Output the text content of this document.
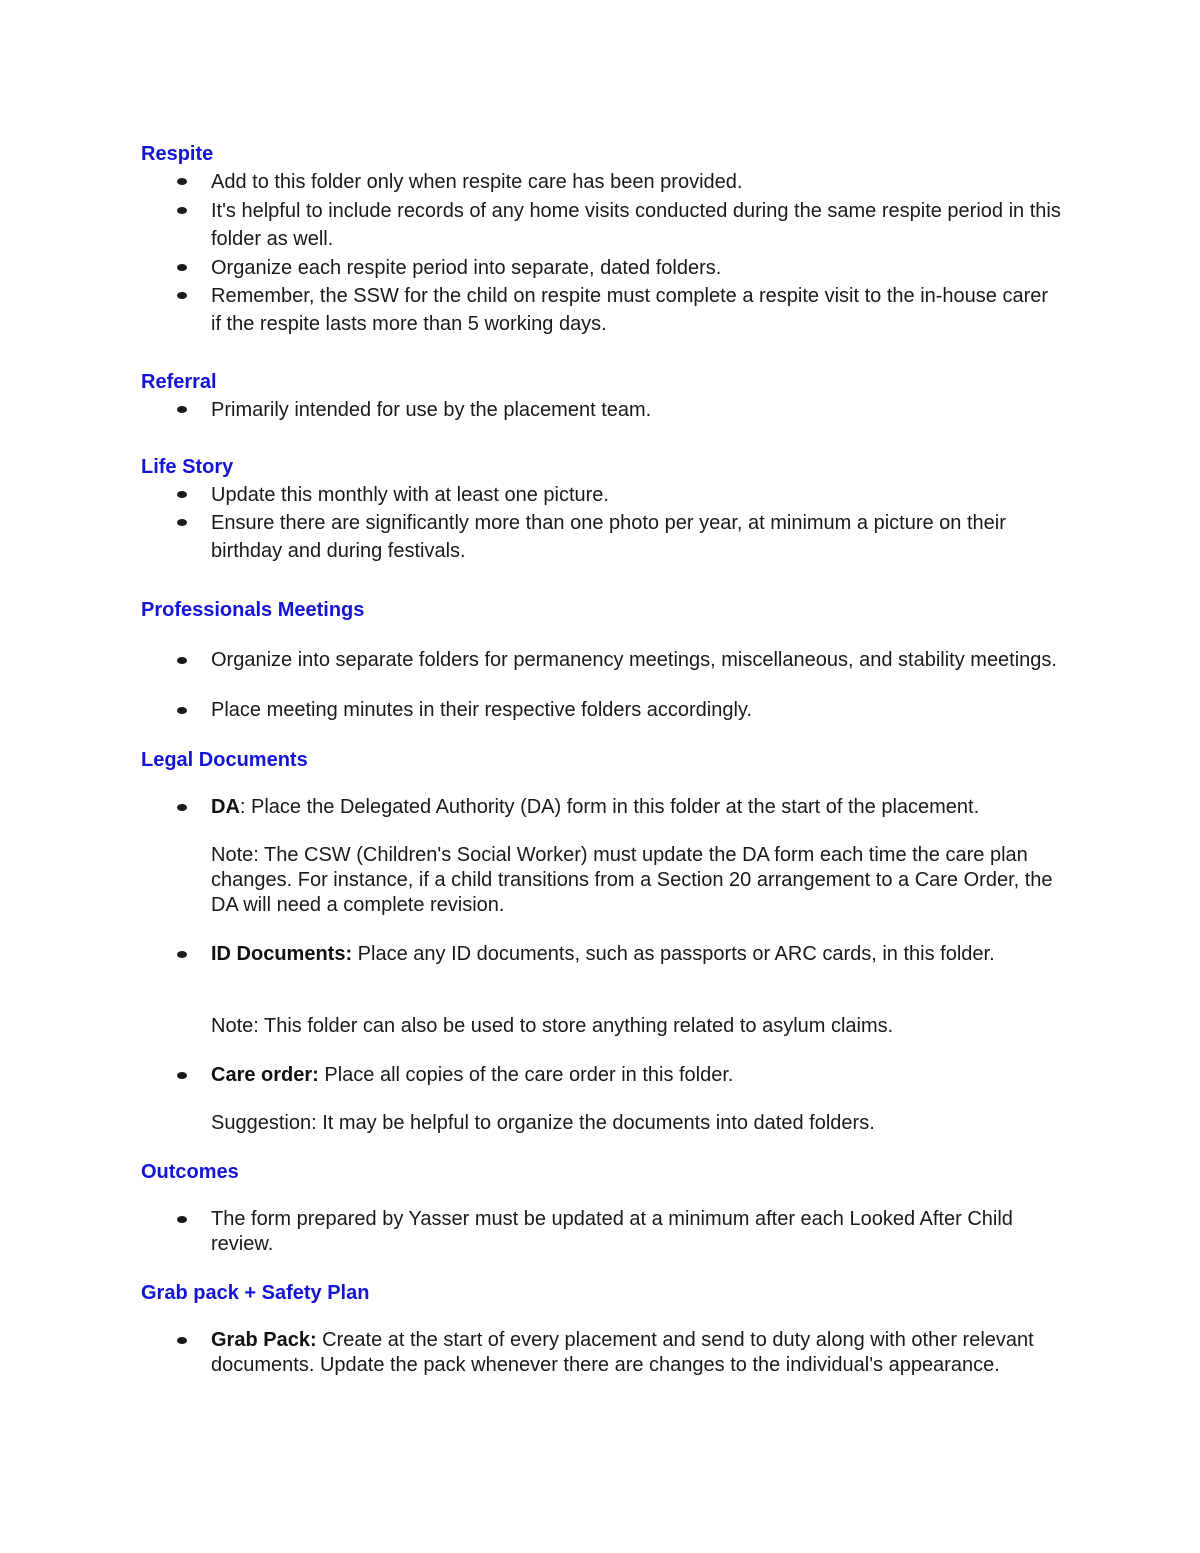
Respite

Add to this folder only when respite care has been provided.

It's helpful to include records of any home visits conducted during the same respite period in this folder as well.

Organize each respite period into separate, dated folders.

Remember, the SSW for the child on respite must complete a respite visit to the in-house carer if the respite lasts more than 5 working days.

Referral

Primarily intended for use by the placement team.

Life Story

Update this monthly with at least one picture.

Ensure there are significantly more than one photo per year, at minimum a picture on their birthday and during festivals.

Professionals Meetings

Organize into separate folders for permanency meetings, miscellaneous, and stability meetings.

Place meeting minutes in their respective folders accordingly.

Legal Documents

DA: Place the Delegated Authority (DA) form in this folder at the start of the placement.

Note: The CSW (Children's Social Worker) must update the DA form each time the care plan changes. For instance, if a child transitions from a Section 20 arrangement to a Care Order, the DA will need a complete revision.

ID Documents: Place any ID documents, such as passports or ARC cards, in this folder.

Note: This folder can also be used to store anything related to asylum claims.

Care order: Place all copies of the care order in this folder.

Suggestion: It may be helpful to organize the documents into dated folders.

Outcomes

The form prepared by Yasser must be updated at a minimum after each Looked After Child review.

Grab pack + Safety Plan

Grab Pack: Create at the start of every placement and send to duty along with other relevant documents. Update the pack whenever there are changes to the individual's appearance.
